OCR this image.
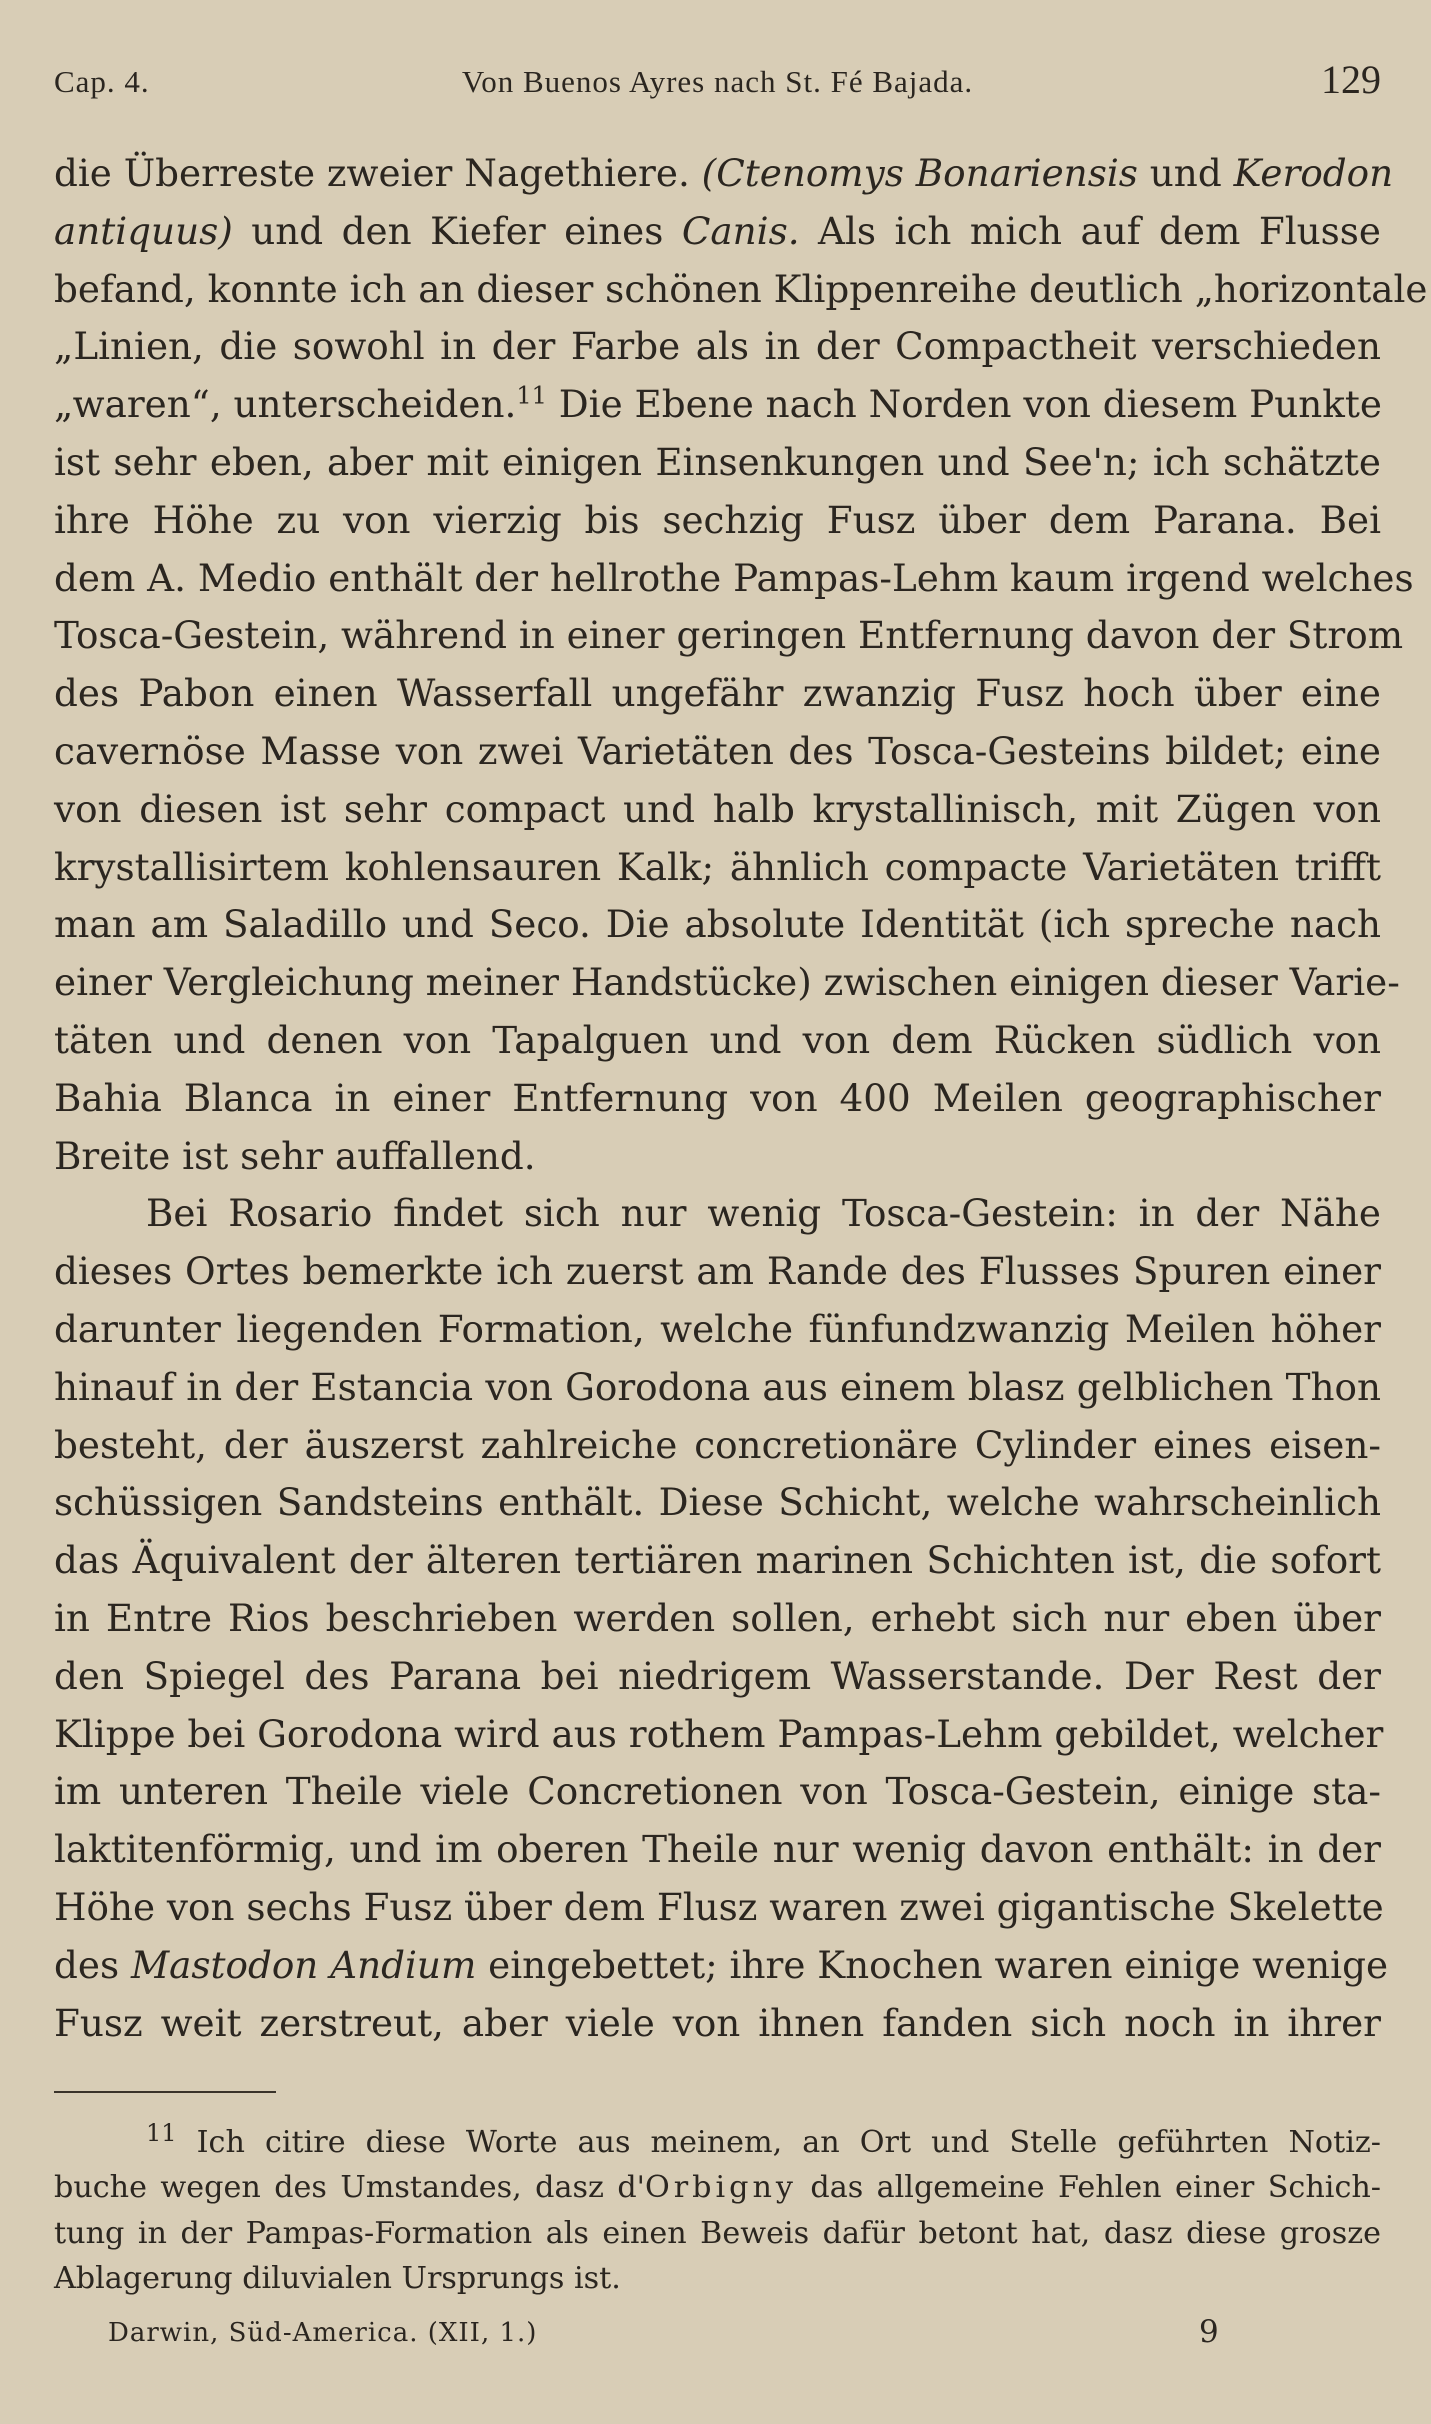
Cap. 4.	Von Buenos Ayres nach St. Fé Bajada.	129

die Überreste zweier Nagethiere. (Ctenomys Bonariensis und Kerodon
antiquus) und den Kiefer eines Canis. Als ich mich auf dem Flusse
befand, konnte ich an dieser schönen Klippenreihe deutlich „horizontale
„Linien, die sowohl in der Farbe als in der Compactheit verschieden
„waren“, unterscheiden.$^{11}$ Die Ebene nach Norden von diesem Punkte
ist sehr eben, aber mit einigen Einsenkungen und See'n; ich schätzte
ihre Höhe zu von vierzig bis sechzig Fusz über dem Parana. Bei
dem A. Medio enthält der hellrothe Pampas-Lehm kaum irgend welches
Tosca-Gestein, während in einer geringen Entfernung davon der Strom
des Pabon einen Wasserfall ungefähr zwanzig Fusz hoch über eine
cavernöse Masse von zwei Varietäten des Tosca-Gesteins bildet; eine
von diesen ist sehr compact und halb krystallinisch, mit Zügen von
krystallisirtem kohlensauren Kalk; ähnlich compacte Varietäten trifft
man am Saladillo und Seco. Die absolute Identität (ich spreche nach
einer Vergleichung meiner Handstücke) zwischen einigen dieser Varie-
täten und denen von Tapalguen und von dem Rücken südlich von
Bahia Blanca in einer Entfernung von 400 Meilen geographischer
Breite ist sehr auffallend.

Bei Rosario findet sich nur wenig Tosca-Gestein: in der Nähe
dieses Ortes bemerkte ich zuerst am Rande des Flusses Spuren einer
darunter liegenden Formation, welche fünfundzwanzig Meilen höher
hinauf in der Estancia von Gorodona aus einem blasz gelblichen Thon
besteht, der äuszerst zahlreiche concretionäre Cylinder eines eisen-
schüssigen Sandsteins enthält. Diese Schicht, welche wahrscheinlich
das Äquivalent der älteren tertiären marinen Schichten ist, die sofort
in Entre Rios beschrieben werden sollen, erhebt sich nur eben über
den Spiegel des Parana bei niedrigem Wasserstande. Der Rest der
Klippe bei Gorodona wird aus rothem Pampas-Lehm gebildet, welcher
im unteren Theile viele Concretionen von Tosca-Gestein, einige sta-
laktitenförmig, und im oberen Theile nur wenig davon enthält: in der
Höhe von sechs Fusz über dem Flusz waren zwei gigantische Skelette
des Mastodon Andium eingebettet; ihre Knochen waren einige wenige
Fusz weit zerstreut, aber viele von ihnen fanden sich noch in ihrer

$^{11}$ Ich citire diese Worte aus meinem, an Ort und Stelle geführten Notiz-
buche wegen des Umstandes, dasz d'Orbigny das allgemeine Fehlen einer Schich-
tung in der Pampas-Formation als einen Beweis dafür betont hat, dasz diese grosze
Ablagerung diluvialen Ursprungs ist.
Darwin, Süd-America. (XII, 1.)	9
